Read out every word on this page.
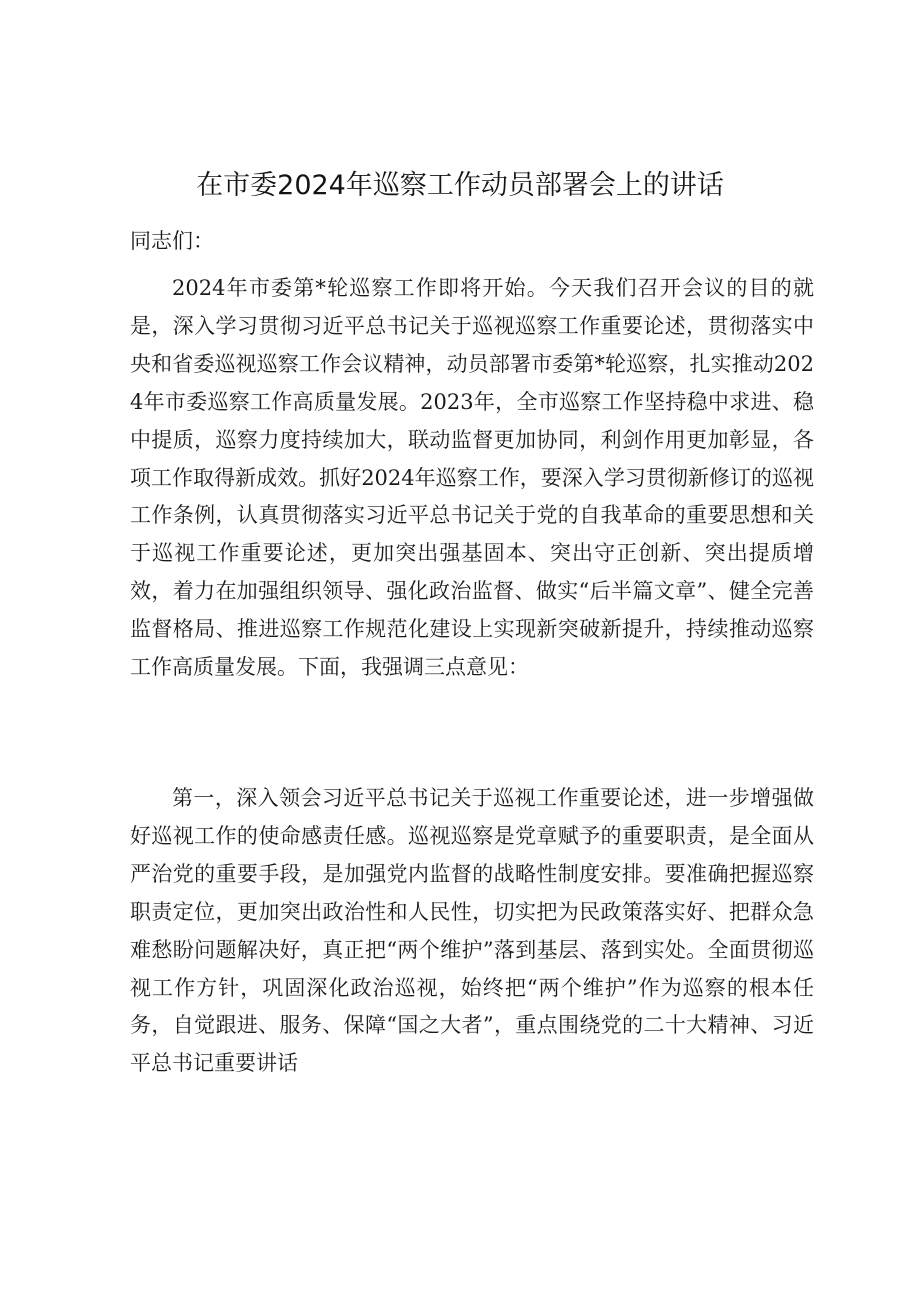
在市委2024年巡察工作动员部署会上的讲话
同志们：

2024年市委第*轮巡察工作即将开始。今天我们召开会议的目的就是，深入学习贯彻习近平总书记关于巡视巡察工作重要论述，贯彻落实中央和省委巡视巡察工作会议精神，动员部署市委第*轮巡察，扎实推动2024年市委巡察工作高质量发展。2023年，全市巡察工作坚持稳中求进、稳中提质，巡察力度持续加大，联动监督更加协同，利剑作用更加彰显，各项工作取得新成效。抓好2024年巡察工作，要深入学习贯彻新修订的巡视工作条例，认真贯彻落实习近平总书记关于党的自我革命的重要思想和关于巡视工作重要论述，更加突出强基固本、突出守正创新、突出提质增效，着力在加强组织领导、强化政治监督、做实“后半篇文章”、健全完善监督格局、推进巡察工作规范化建设上实现新突破新提升，持续推动巡察工作高质量发展。下面，我强调三点意见：

第一，深入领会习近平总书记关于巡视工作重要论述，进一步增强做好巡视工作的使命感责任感。巡视巡察是党章赋予的重要职责，是全面从严治党的重要手段，是加强党内监督的战略性制度安排。要准确把握巡察职责定位，更加突出政治性和人民性，切实把为民政策落实好、把群众急难愁盼问题解决好，真正把“两个维护”落到基层、落到实处。全面贯彻巡视工作方针，巩固深化政治巡视，始终把“两个维护”作为巡察的根本任务，自觉跟进、服务、保障“国之大者”，重点围绕党的二十大精神、习近平总书记重要讲话
